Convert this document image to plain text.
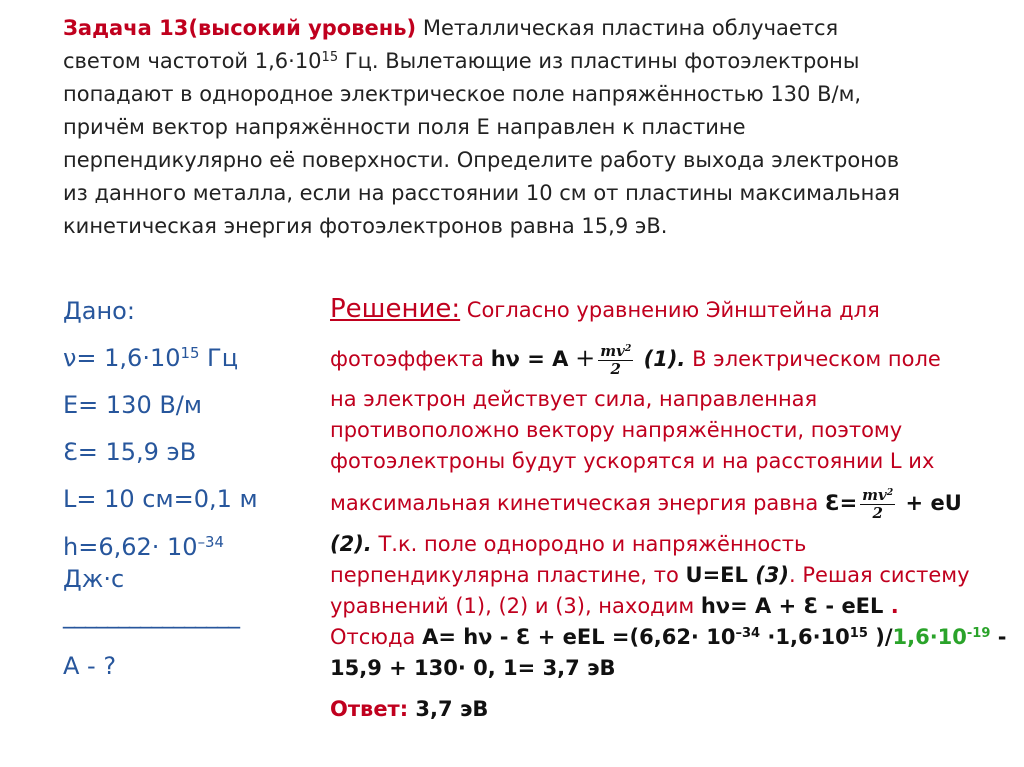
Задача 13(высокий уровень) Металлическая пластина облучается
светом частотой $1,6\cdot 10^{15}$ Гц. Вылетающие из пластины фотоэлектроны
попадают в однородное электрическое поле напряжённостью 130 В/м,
причём вектор напряжённости поля Е направлен к пластине
перпендикулярно её поверхности. Определите работу выхода электронов
из данного металла, если на расстоянии 10 см от пластины максимальная
кинетическая энергия фотоэлектронов равна 15,9 эВ.
Дано:
$\nu= 1,6\cdot 10^{15}$ Гц
E= 130 В/м
Ɛ= 15,9 эВ
L= 10 см=0,1 м
$h=6,62\cdot 10^{-34}$
Дж·с
________________
A - ?
Решение: Согласно уравнению Эйнштейна для
фотоэффекта $h\nu = A + \frac{mv^2}{2} (1)$. В электрическом поле
на электрон действует сила, направленная
противоположно вектору напряжённости, поэтому
фотоэлектроны будут ускорятся и на расстоянии L их
максимальная кинетическая энергия равна Ɛ= $\frac{mv^2}{2}$ + eU
(2). Т.к. поле однородно и напряжённость
перпендикулярна пластине, то U=EL (3). Решая систему
уравнений (1), (2) и (3), находим hν= A + Ɛ - eEL .
Отсюда A= hν - Ɛ + eEL $=(6,62\cdot 10^{-34} \cdot 1,6\cdot 10^{15}$ )$/1,6\cdot 10^{-19}$ -
15,9 + 130· 0, 1= 3,7 эВ
Ответ: 3,7 эВ
